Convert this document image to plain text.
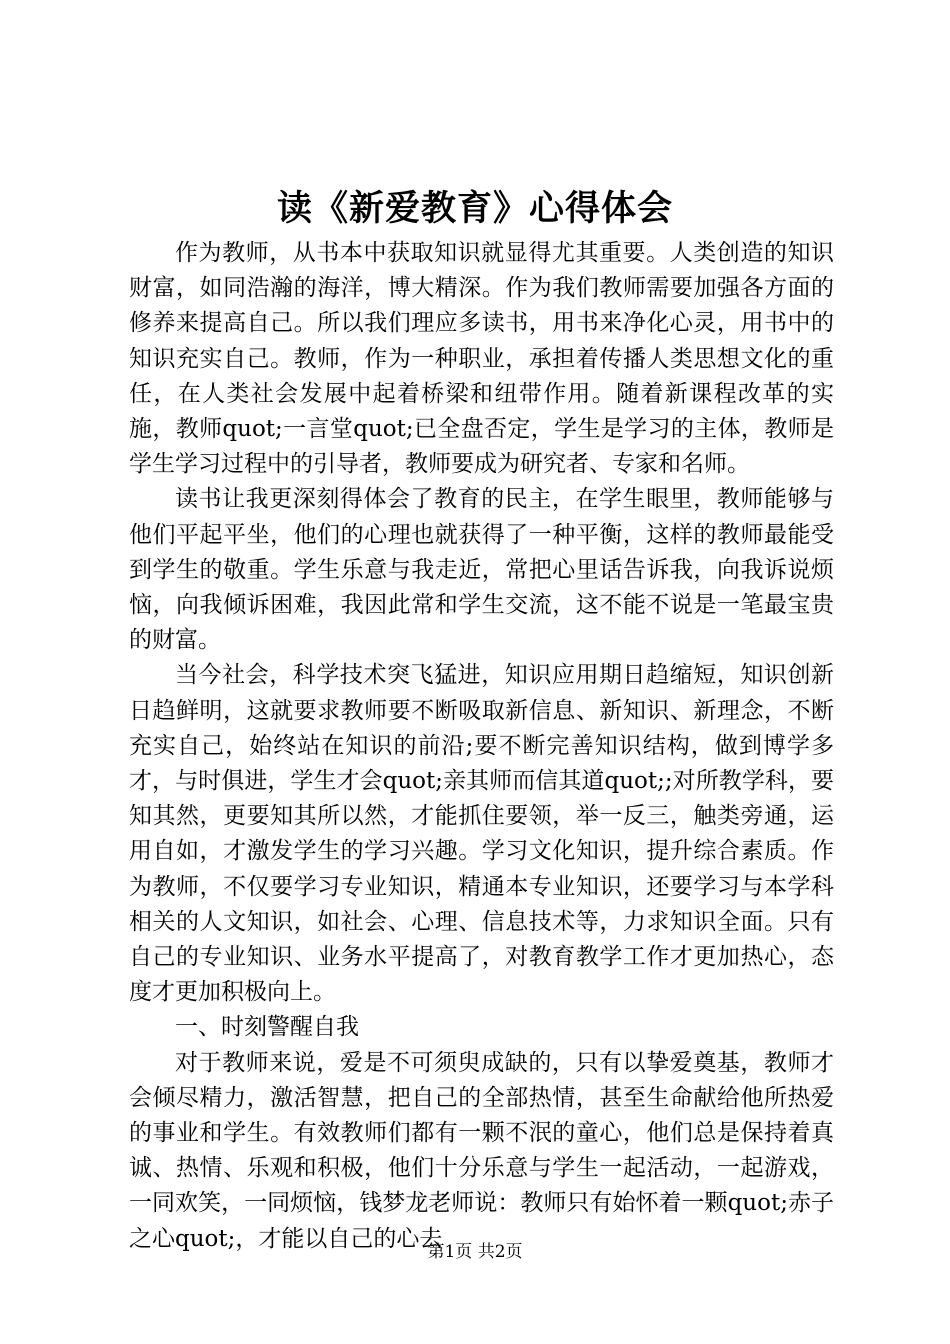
读《新爱教育》心得体会

作为教师，从书本中获取知识就显得尤其重要。人类创造的知识财富，如同浩瀚的海洋，博大精深。作为我们教师需要加强各方面的修养来提高自己。所以我们理应多读书，用书来净化心灵，用书中的知识充实自己。教师，作为一种职业，承担着传播人类思想文化的重任，在人类社会发展中起着桥梁和纽带作用。随着新课程改革的实施，教师quot;一言堂quot;已全盘否定，学生是学习的主体，教师是学生学习过程中的引导者，教师要成为研究者、专家和名师。

读书让我更深刻得体会了教育的民主，在学生眼里，教师能够与他们平起平坐，他们的心理也就获得了一种平衡，这样的教师最能受到学生的敬重。学生乐意与我走近，常把心里话告诉我，向我诉说烦恼，向我倾诉困难，我因此常和学生交流，这不能不说是一笔最宝贵的财富。

当今社会，科学技术突飞猛进，知识应用期日趋缩短，知识创新日趋鲜明，这就要求教师要不断吸取新信息、新知识、新理念，不断充实自己，始终站在知识的前沿;要不断完善知识结构，做到博学多才，与时俱进，学生才会quot;亲其师而信其道quot;;对所教学科，要知其然，更要知其所以然，才能抓住要领，举一反三，触类旁通，运用自如，才激发学生的学习兴趣。学习文化知识，提升综合素质。作为教师，不仅要学习专业知识，精通本专业知识，还要学习与本学科相关的人文知识，如社会、心理、信息技术等，力求知识全面。只有自己的专业知识、业务水平提高了，对教育教学工作才更加热心，态度才更加积极向上。

一、时刻警醒自我

对于教师来说，爱是不可须臾成缺的，只有以挚爱奠基，教师才会倾尽精力，激活智慧，把自己的全部热情，甚至生命献给他所热爱的事业和学生。有效教师们都有一颗不泯的童心，他们总是保持着真诚、热情、乐观和积极，他们十分乐意与学生一起活动，一起游戏，一同欢笑，一同烦恼，钱梦龙老师说：教师只有始怀着一颗quot;赤子之心quot;，才能以自己的心去

第1页 共2页
